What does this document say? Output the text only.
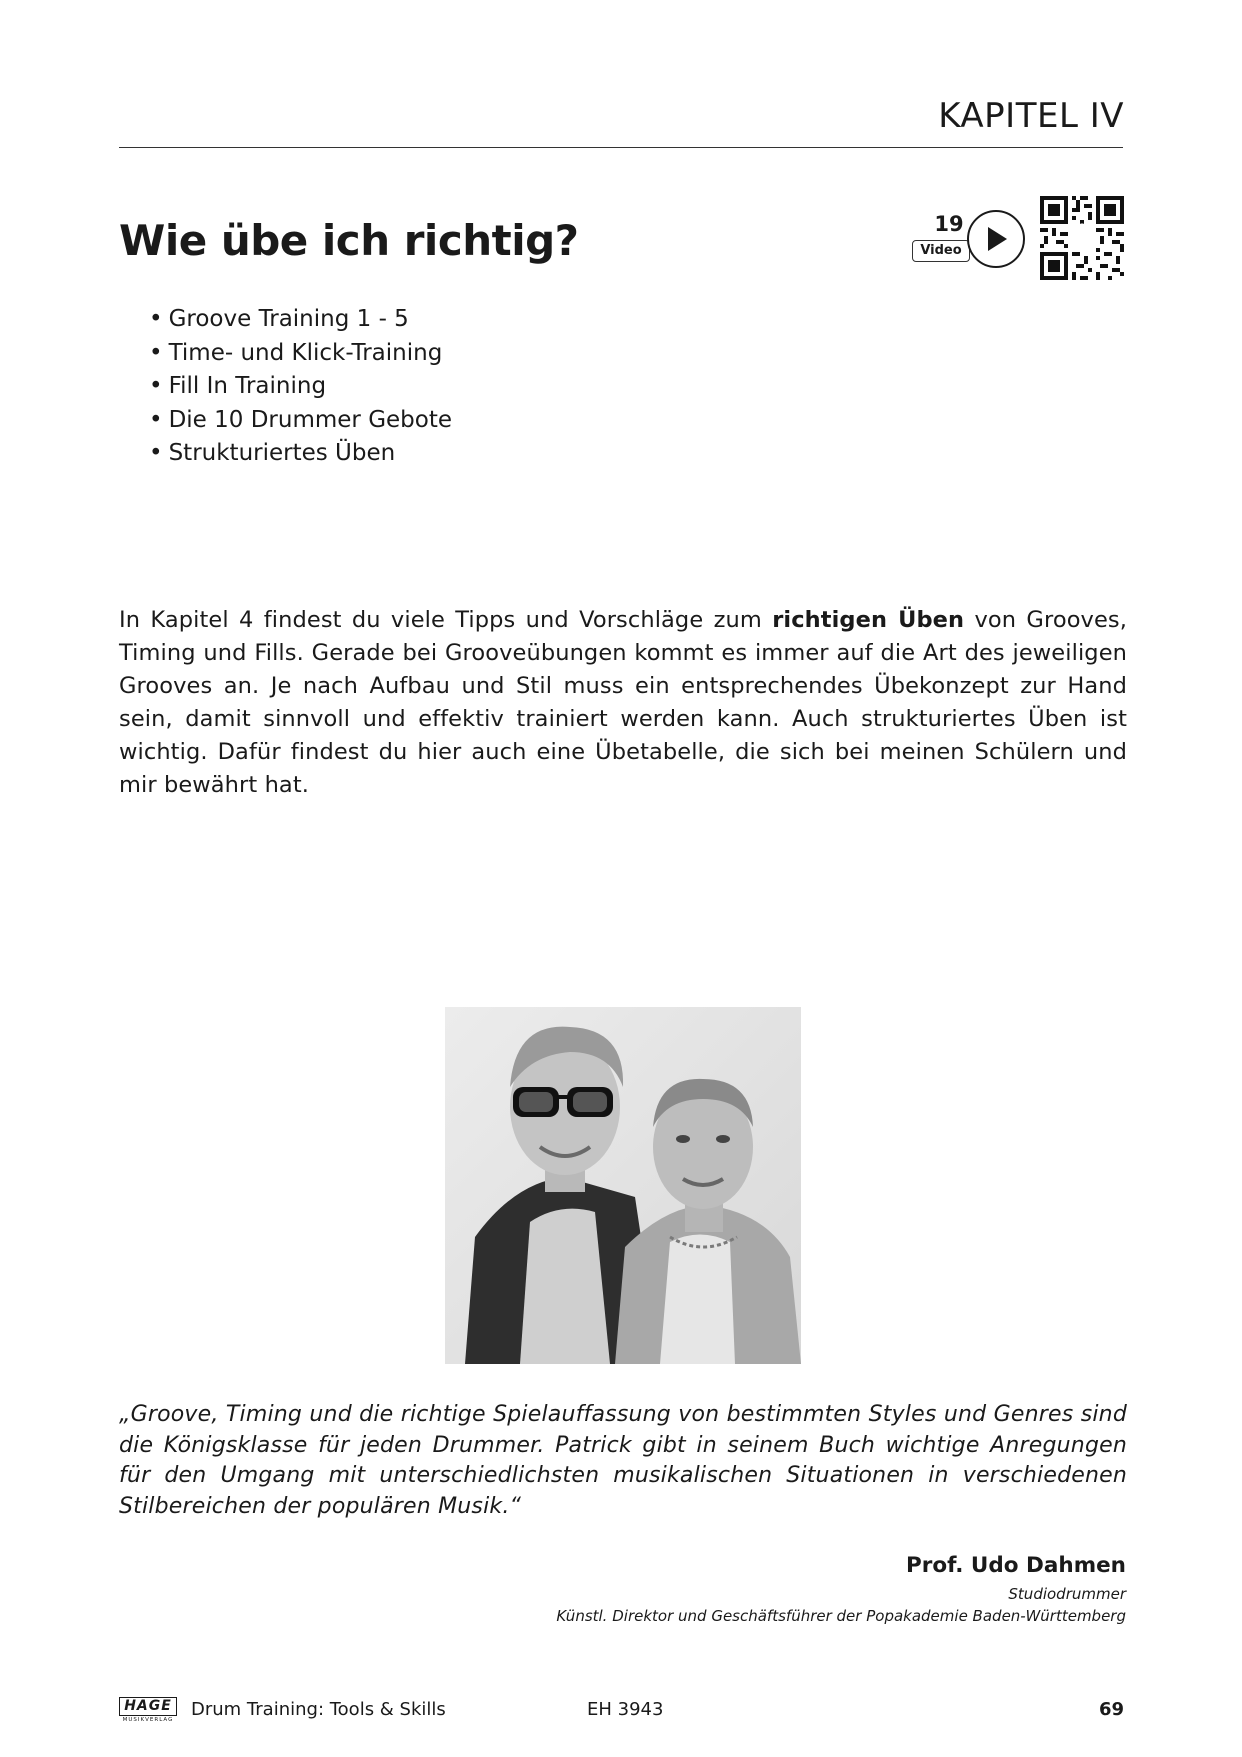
KAPITEL IV
Wie übe ich richtig?	19
Video
• Groove Training 1 - 5
• Time- und Klick-Training
• Fill In Training
• Die 10 Drummer Gebote
• Strukturiertes Üben

In Kapitel 4 findest du viele Tipps und Vorschläge zum richtigen Üben von Grooves, Timing und Fills. Gerade bei Grooveübungen kommt es immer auf die Art des jeweiligen Grooves an. Je nach Aufbau und Stil muss ein entsprechendes Übekonzept zur Hand sein, damit sinnvoll und effektiv trainiert werden kann. Auch strukturiertes Üben ist wichtig. Dafür findest du hier auch eine Übetabelle, die sich bei meinen Schülern und mir bewährt hat.

„Groove, Timing und die richtige Spielauffassung von bestimmten Styles und Genres sind die Königsklasse für jeden Drummer. Patrick gibt in seinem Buch wichtige Anregungen für den Umgang mit unterschiedlichsten musikalischen Situationen in verschiedenen Stilbereichen der populären Musik.“

Prof. Udo Dahmen
Studiodrummer
Künstl. Direktor und Geschäftsführer der Popakademie Baden-Württemberg
HAGE
MUSIKVERLAG Drum Training: Tools & Skills	EH 3943	69
